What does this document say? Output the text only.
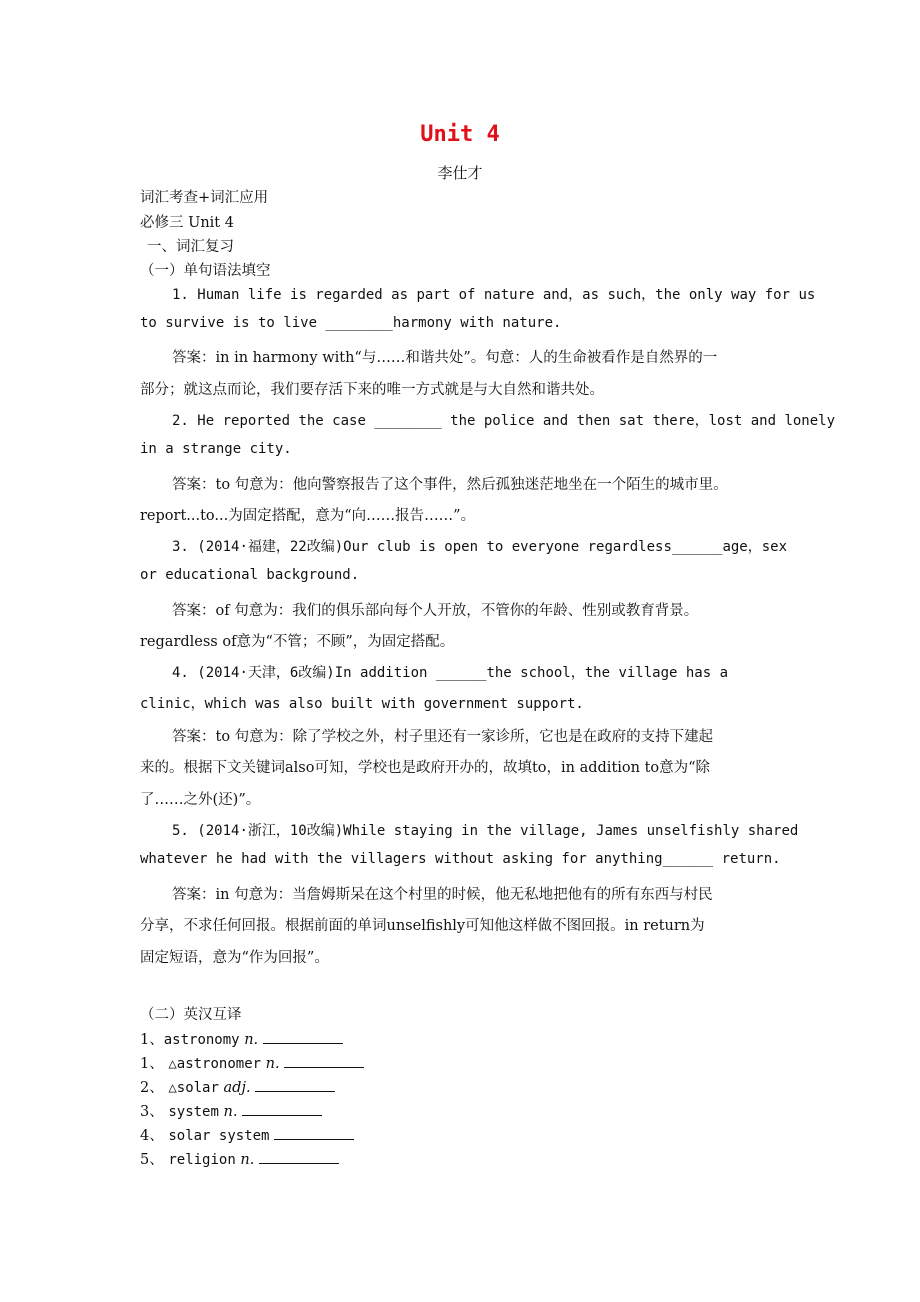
Unit 4
李仕才
词汇考查+词汇应用
必修三 Unit 4
一、词汇复习
（一）单句语法填空
1. Human life is regarded as part of nature and，as such，the only way for us
to survive is to live ________harmony with nature.
答案：in in harmony with“与……和谐共处”。句意：人的生命被看作是自然界的一
部分；就这点而论，我们要存活下来的唯一方式就是与大自然和谐共处。
2. He reported the case ________ the police and then sat there，lost and lonely
in a strange city.
答案：to 句意为：他向警察报告了这个事件，然后孤独迷茫地坐在一个陌生的城市里。
report...to...为固定搭配，意为“向……报告……”。
3. (2014·福建，22改编)Our club is open to everyone regardless______age，sex
or educational background.
答案：of 句意为：我们的俱乐部向每个人开放，不管你的年龄、性别或教育背景。
regardless of意为“不管；不顾”，为固定搭配。
4. (2014·天津，6改编)In addition ______the school，the village has a
clinic，which was also built with government support.
答案：to 句意为：除了学校之外，村子里还有一家诊所，它也是在政府的支持下建起
来的。根据下文关键词also可知，学校也是政府开办的，故填to，in addition to意为“除
了……之外(还)”。
5. (2014·浙江，10改编)While staying in the village, James unselfishly shared
whatever he had with the villagers without asking for anything______ return.
答案：in 句意为：当詹姆斯呆在这个村里的时候，他无私地把他有的所有东西与村民
分享，不求任何回报。根据前面的单词unselfishly可知他这样做不图回报。in return为
固定短语，意为“作为回报”。
（二）英汉互译
1、astronomy n.
1、 △astronomer n.
2、 △solar adj.
3、 system n.
4、 solar system
5、 religion n.
